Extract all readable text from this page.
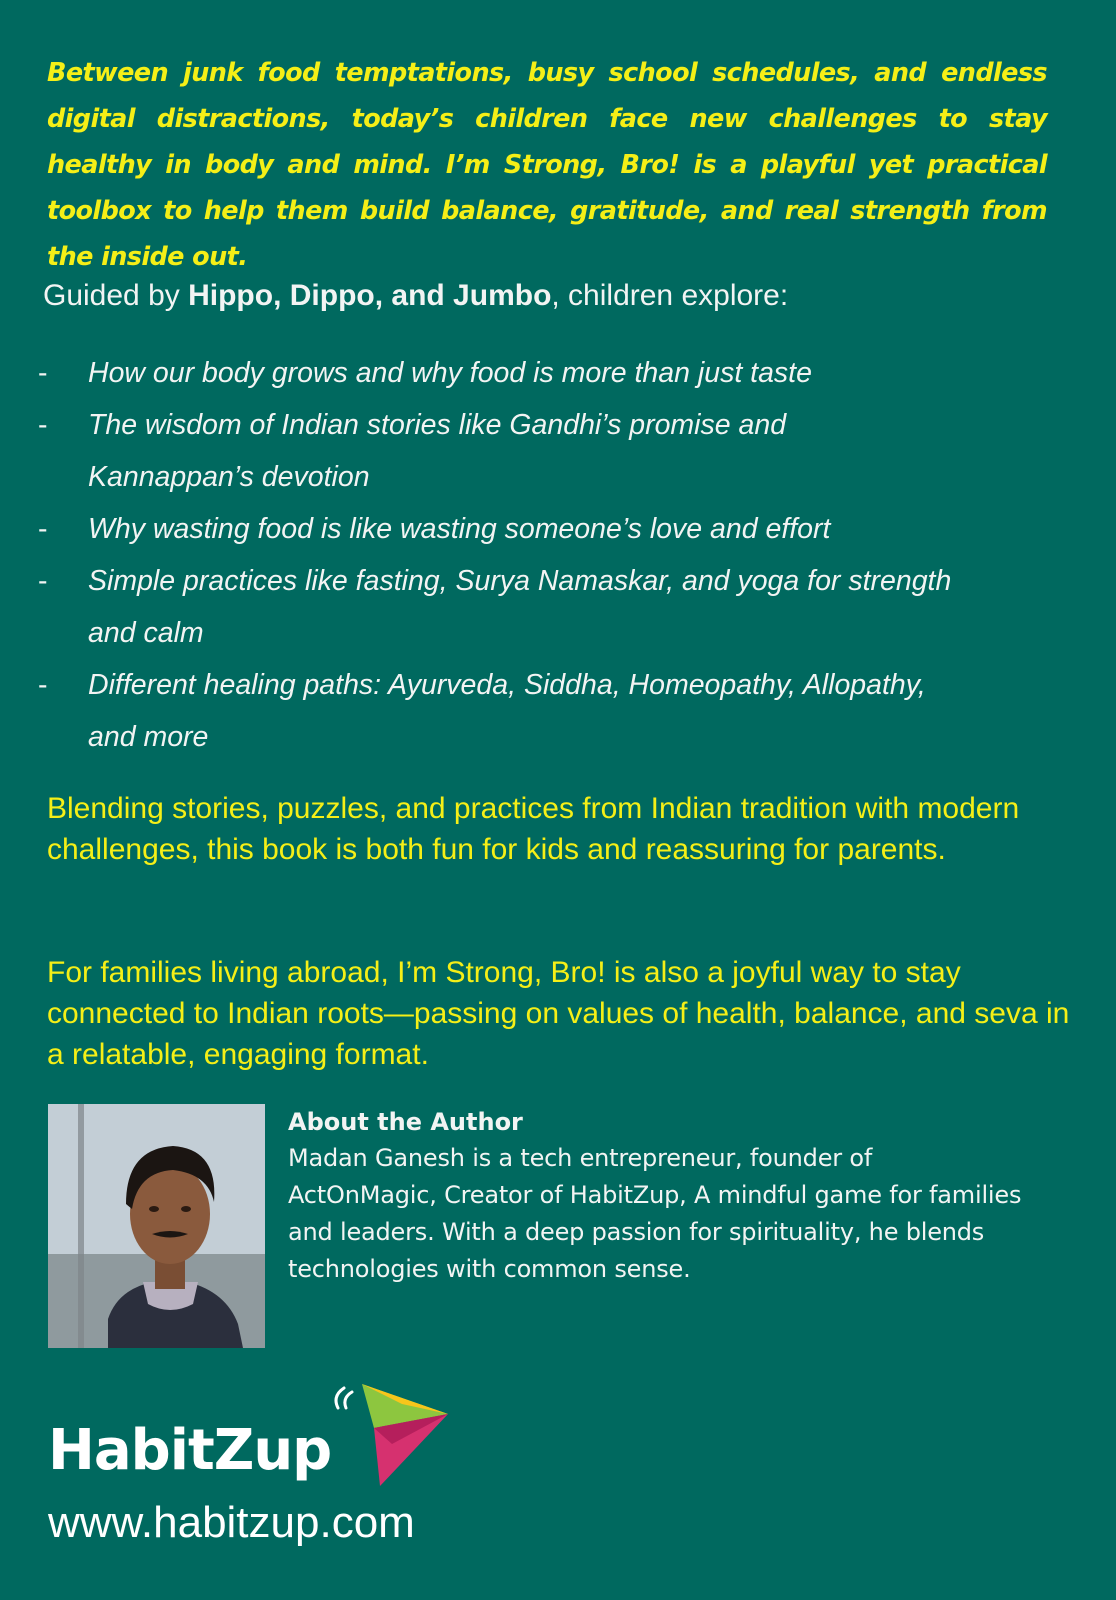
Between junk food temptations, busy school schedules, and endless digital distractions, today’s children face new challenges to stay healthy in body and mind. I’m Strong, Bro! is a playful yet practical toolbox to help them build balance, gratitude, and real strength from the inside out.

Guided by Hippo, Dippo, and Jumbo, children explore:

- How our body grows and why food is more than just taste
- The wisdom of Indian stories like Gandhi’s promise and Kannappan’s devotion
- Why wasting food is like wasting someone’s love and effort
- Simple practices like fasting, Surya Namaskar, and yoga for strength and calm
- Different healing paths: Ayurveda, Siddha, Homeopathy, Allopathy, and more

Blending stories, puzzles, and practices from Indian tradition with modern challenges, this book is both fun for kids and reassuring for parents.

For families living abroad, I’m Strong, Bro! is also a joyful way to stay connected to Indian roots—passing on values of health, balance, and seva in a relatable, engaging format.

About the Author
Madan Ganesh is a tech entrepreneur, founder of ActOnMagic, Creator of HabitZup, A mindful game for families and leaders. With a deep passion for spirituality, he blends technologies with common sense.
HabitZup
www.habitzup.com
